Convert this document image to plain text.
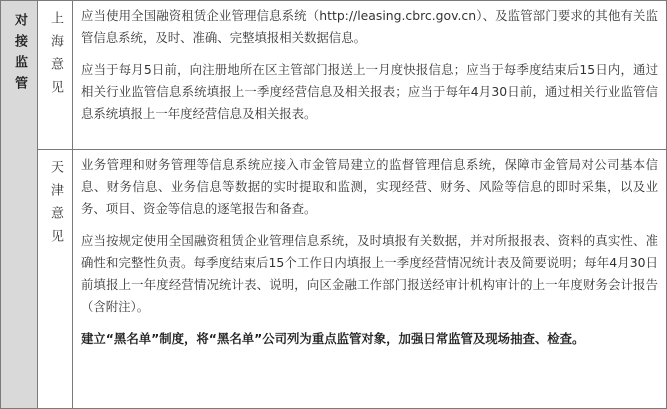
对接监管	上海意见	应当使用全国融资租赁企业管理信息系统（http://leasing.cbrc.gov.cn）、及监管部门要求的其他有关监管信息系统，及时、准确、完整填报相关数据信息。

应当于每月5日前，向注册地所在区主管部门报送上一月度快报信息；应当于每季度结束后15日内，通过相关行业监管信息系统填报上一季度经营信息及相关报表；应当于每年4月30日前，通过相关行业监管信息系统填报上一年度经营信息及相关报表。

	天津意见	业务管理和财务管理等信息系统应接入市金管局建立的监督管理信息系统，保障市金管局对公司基本信息、财务信息、业务信息等数据的实时提取和监测，实现经营、财务、风险等信息的即时采集，以及业务、项目、资金等信息的逐笔报告和备查。

应当按规定使用全国融资租赁企业管理信息系统，及时填报有关数据，并对所报报表、资料的真实性、准确性和完整性负责。每季度结束后15个工作日内填报上一季度经营情况统计表及简要说明；每年4月30日前填报上一年度经营情况统计表、说明，向区金融工作部门报送经审计机构审计的上一年度财务会计报告（含附注）。

建立“黑名单”制度，将“黑名单”公司列为重点监管对象，加强日常监管及现场抽查、检查。
